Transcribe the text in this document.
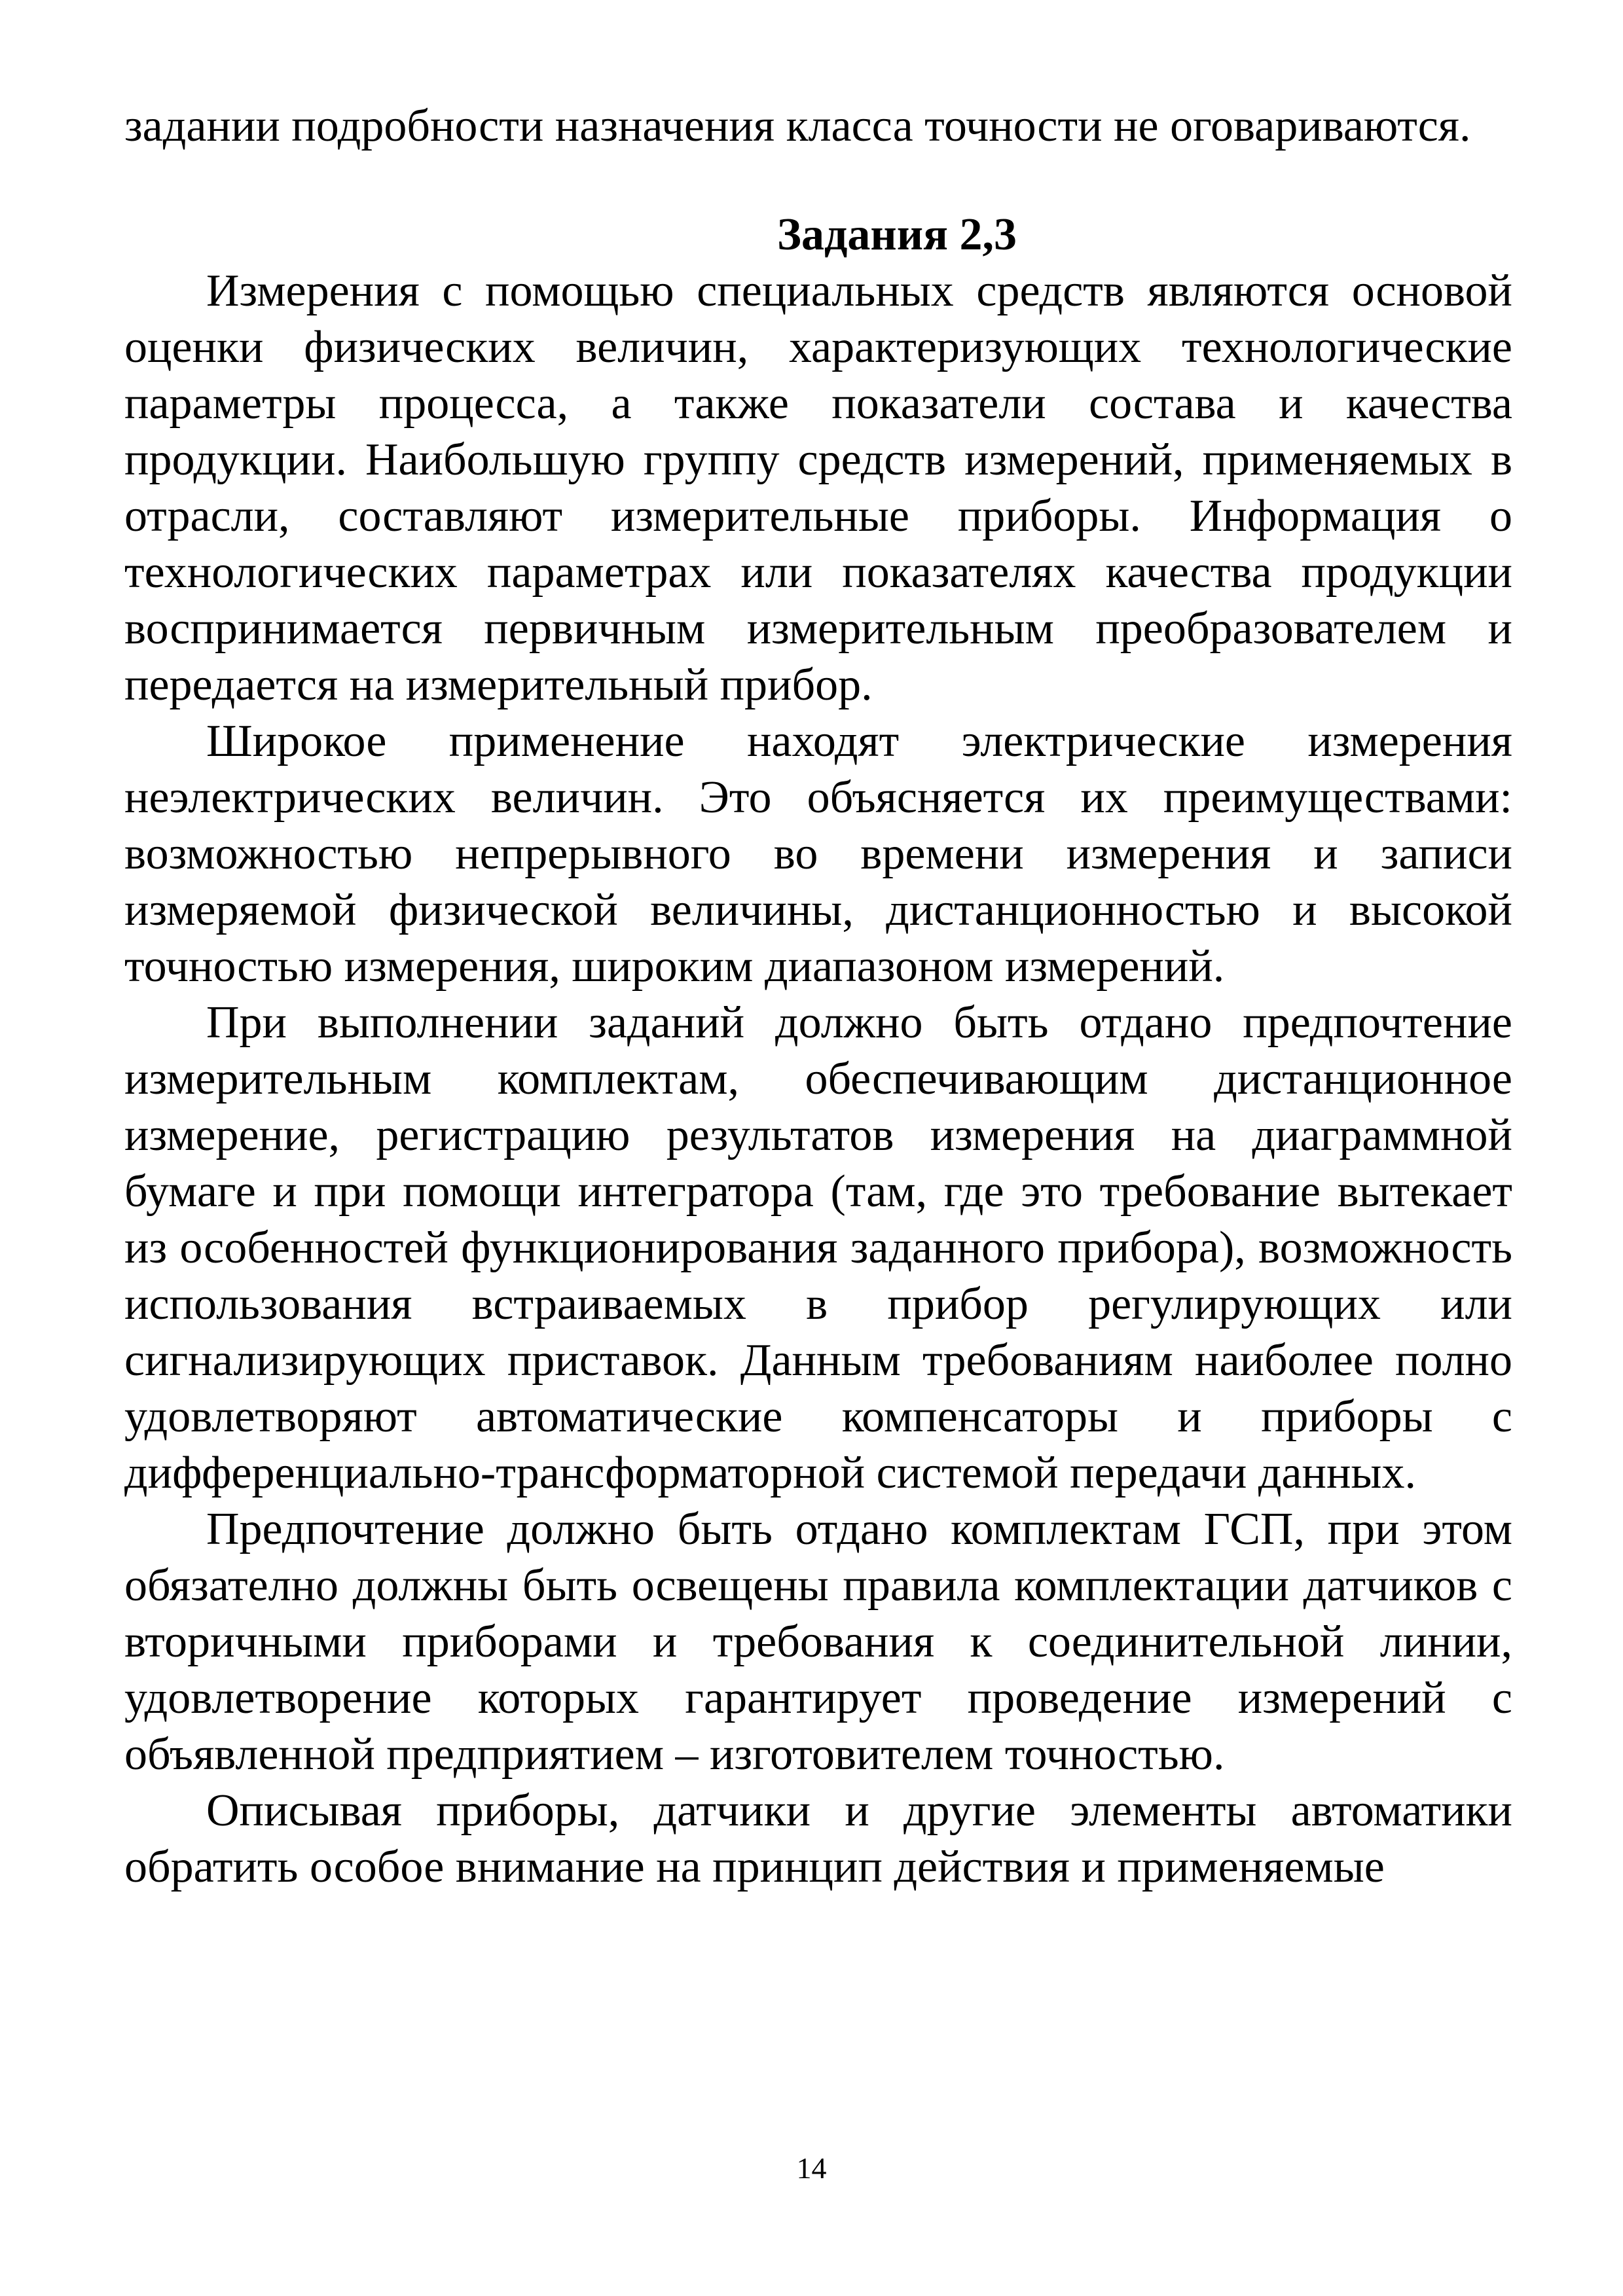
задании подробности назначения класса точности не оговариваются.

Задания 2,3

Измерения с помощью специальных средств являются основой оценки физических величин, характеризующих технологические параметры процесса, а также показатели состава и качества продукции. Наибольшую группу средств измерений, применяемых в отрасли, составляют измерительные приборы. Информация о технологических параметрах или показателях качества продукции воспринимается первичным измерительным преобразователем и передается на измерительный прибор.

Широкое применение находят электрические измерения неэлектрических величин. Это объясняется их преимуществами: возможностью непрерывного во времени измерения и записи измеряемой физической величины, дистанционностью и высокой точностью измерения, широким диапазоном измерений.

При выполнении заданий должно быть отдано предпочтение измерительным комплектам, обеспечивающим дистанционное измерение, регистрацию результатов измерения на диаграммной бумаге и при помощи интегратора (там, где это требование вытекает из особенностей функционирования заданного прибора), возможность использования встраиваемых в прибор регулирующих или сигнализирующих приставок. Данным требованиям наиболее полно удовлетворяют автоматические компенсаторы и приборы с дифференциально-трансформаторной системой передачи данных.

Предпочтение должно быть отдано комплектам ГСП, при этом обязателно должны быть освещены правила комплектации датчиков с вторичными приборами и требования к соединительной линии, удовлетворение которых гарантирует проведение измерений с объявленной предприятием – изготовителем точностью.

Описывая приборы, датчики и другие элементы автоматики обратить особое внимание на принцип действия и применяемые

14
